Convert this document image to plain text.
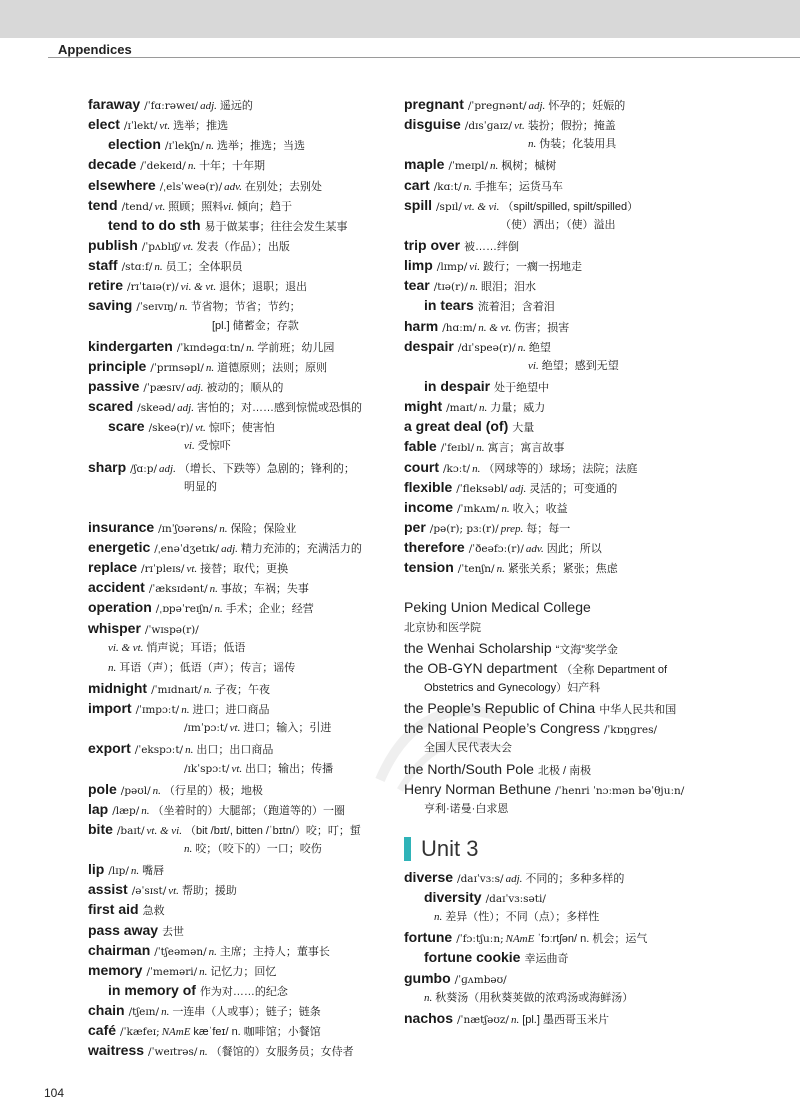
Appendices
faraway /ˈfɑːrəweɪ/ adj. 遥远的
elect /ɪˈlekt/ vt. 选举；推选
election /ɪˈlekʃn/ n. 选举；推选；当选
decade /ˈdekeɪd/ n. 十年；十年期
elsewhere /ˌelsˈweə(r)/ adv. 在别处；去别处
tend /tend/ vt. 照顾；照料vi. 倾向；趋于
tend to do sth 易于做某事；往往会发生某事
publish /ˈpʌblɪʃ/ vt. 发表（作品）；出版
staff /stɑːf/ n. 员工；全体职员
retire /rɪˈtaɪə(r)/ vi. & vt. 退休；退职；退出
saving /ˈseɪvɪŋ/ n. 节省物；节省；节约；
[pl.] 储蓄金；存款
kindergarten /ˈkɪndəɡɑːtn/ n. 学前班；幼儿园
principle /ˈprɪnsəpl/ n. 道德原则；法则；原则
passive /ˈpæsɪv/ adj. 被动的；顺从的
scared /skeəd/ adj. 害怕的；对……感到惊慌或恐惧的
scare /skeə(r)/ vt. 惊吓；使害怕
vi. 受惊吓
sharp /ʃɑːp/ adj. （增长、下跌等）急剧的；锋利的；
明显的
insurance /ɪnˈʃʊərəns/ n. 保险；保险业
energetic /ˌenəˈdʒetɪk/ adj. 精力充沛的；充满活力的
replace /rɪˈpleɪs/ vt. 接替；取代；更换
accident /ˈæksɪdənt/ n. 事故；车祸；失事
operation /ˌɒpəˈreɪʃn/ n. 手术；企业；经营
whisper /ˈwɪspə(r)/
vi. & vt. 悄声说；耳语；低语
n. 耳语（声）；低语（声）；传言；谣传
midnight /ˈmɪdnaɪt/ n. 子夜；午夜
import /ˈɪmpɔːt/ n. 进口；进口商品
/ɪmˈpɔːt/ vt. 进口；输入；引进
export /ˈekspɔːt/ n. 出口；出口商品
/ɪkˈspɔːt/ vt. 出口；输出；传播
pole /pəʊl/ n. （行星的）极；地极
lap /læp/ n. （坐着时的）大腿部；（跑道等的）一圈
bite /baɪt/ vt. & vi. （bit /bɪt/, bitten /ˈbɪtn/）咬；叮；蜇
n. 咬；（咬下的）一口；咬伤
lip /lɪp/ n. 嘴唇
assist /əˈsɪst/ vt. 帮助；援助
first aid 急救
pass away 去世
chairman /ˈtʃeəmən/ n. 主席；主持人；董事长
memory /ˈmeməri/ n. 记忆力；回忆
in memory of 作为对……的纪念
chain /tʃeɪn/ n. 一连串（人或事）；链子；链条
café /ˈkæfeɪ; NAmE kæˈfeɪ/ n. 咖啡馆；小餐馆
waitress /ˈweɪtrəs/ n. （餐馆的）女服务员；女侍者
pregnant /ˈpreɡnənt/ adj. 怀孕的；妊娠的
disguise /dɪsˈɡaɪz/ vt. 装扮；假扮；掩盖
n. 伪装；化装用具
maple /ˈmeɪpl/ n. 枫树；槭树
cart /kɑːt/ n. 手推车；运货马车
spill /spɪl/ vt. & vi. （spilt/spilled, spilt/spilled）
（使）洒出；（使）溢出
trip over 被……绊倒
limp /lɪmp/ vi. 跛行；一瘸一拐地走
tear /tɪə(r)/ n. 眼泪；泪水
in tears 流着泪；含着泪
harm /hɑːm/ n. & vt. 伤害；损害
despair /dɪˈspeə(r)/ n. 绝望
vi. 绝望；感到无望
in despair 处于绝望中
might /maɪt/ n. 力量；威力
a great deal (of) 大量
fable /ˈfeɪbl/ n. 寓言；寓言故事
court /kɔːt/ n. （网球等的）球场；法院；法庭
flexible /ˈfleksəbl/ adj. 灵活的；可变通的
income /ˈɪnkʌm/ n. 收入；收益
per /pə(r); pɜː(r)/ prep. 每；每一
therefore /ˈðeəfɔː(r)/ adv. 因此；所以
tension /ˈtenʃn/ n. 紧张关系；紧张；焦虑
Peking Union Medical College
北京协和医学院
the Wenhai Scholarship “文海”奖学金
the OB-GYN department （全称 Department of
Obstetrics and Gynecology）妇产科
the People’s Republic of China 中华人民共和国
the National People’s Congress /ˈkɒŋɡres/
全国人民代表大会
the North/South Pole 北极 / 南极
Henry Norman Bethune /ˈhenri ˈnɔːmən bəˈθjuːn/
亨利·诺曼·白求恩
Unit 3
diverse /daɪˈvɜːs/ adj. 不同的；多种多样的
diversity /daɪˈvɜːsəti/
n. 差异（性）；不同（点）；多样性
fortune /ˈfɔːtʃuːn; NAmE ˈfɔːrtʃən/ n. 机会；运气
fortune cookie 幸运曲奇
gumbo /ˈɡʌmbəʊ/
n. 秋葵汤（用秋葵荚做的浓鸡汤或海鲜汤）
nachos /ˈnætʃəʊz/ n. [pl.] 墨西哥玉米片
104
